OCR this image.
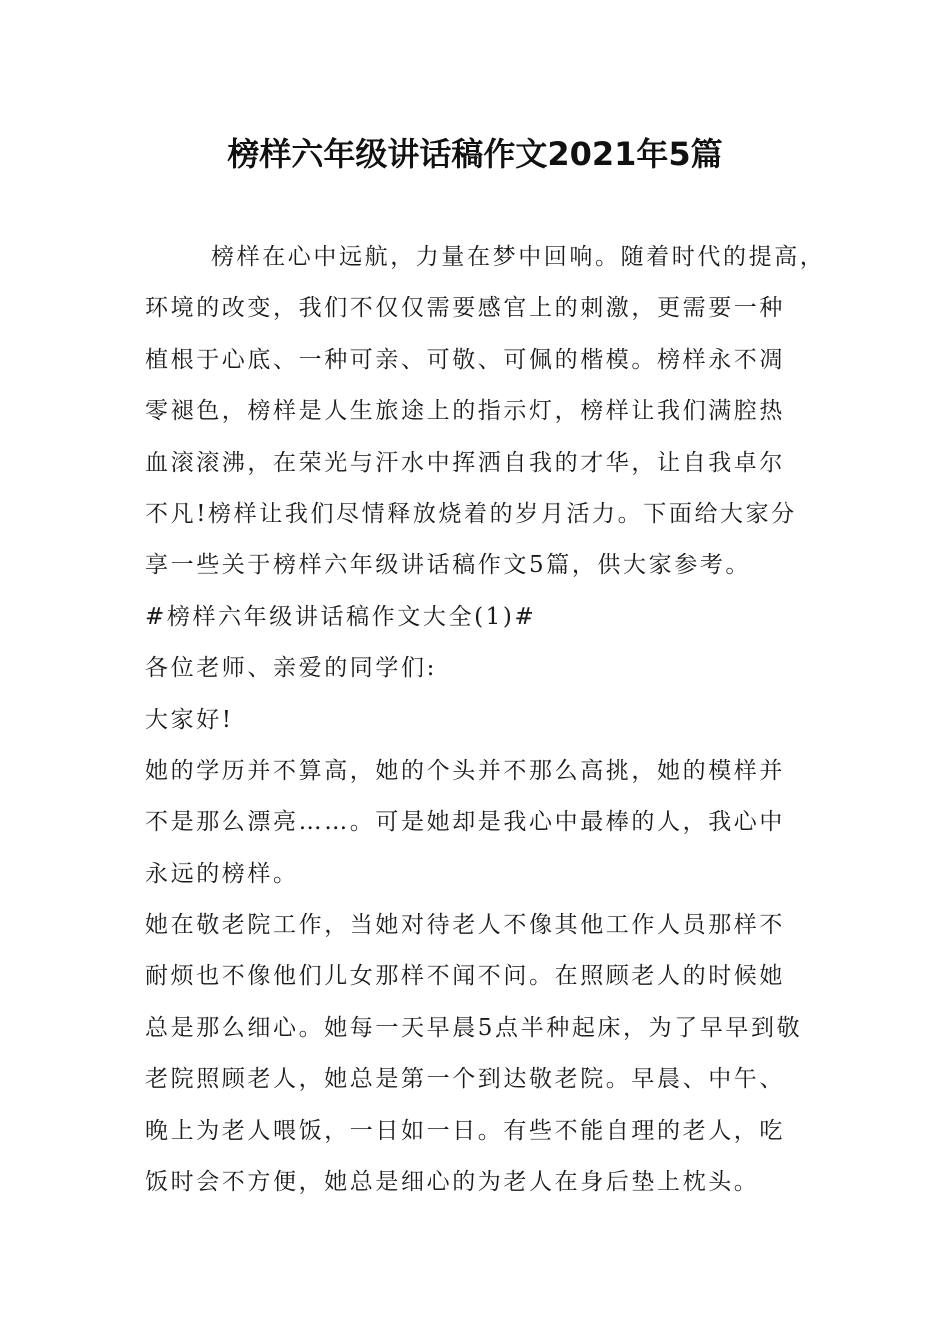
榜样六年级讲话稿作文2021年5篇
榜样在心中远航，力量在梦中回响。随着时代的提高，
环境的改变，我们不仅仅需要感官上的刺激，更需要一种
植根于心底、一种可亲、可敬、可佩的楷模。榜样永不凋
零褪色，榜样是人生旅途上的指示灯，榜样让我们满腔热
血滚滚沸，在荣光与汗水中挥洒自我的才华，让自我卓尔
不凡!榜样让我们尽情释放烧着的岁月活力。下面给大家分
享一些关于榜样六年级讲话稿作文5篇，供大家参考。
#榜样六年级讲话稿作文大全(1)#
各位老师、亲爱的同学们:
大家好!
她的学历并不算高，她的个头并不那么高挑，她的模样并
不是那么漂亮……。可是她却是我心中最棒的人，我心中
永远的榜样。
她在敬老院工作，当她对待老人不像其他工作人员那样不
耐烦也不像他们儿女那样不闻不问。在照顾老人的时候她
总是那么细心。她每一天早晨5点半种起床，为了早早到敬
老院照顾老人，她总是第一个到达敬老院。早晨、中午、
晚上为老人喂饭，一日如一日。有些不能自理的老人，吃
饭时会不方便，她总是细心的为老人在身后垫上枕头。
